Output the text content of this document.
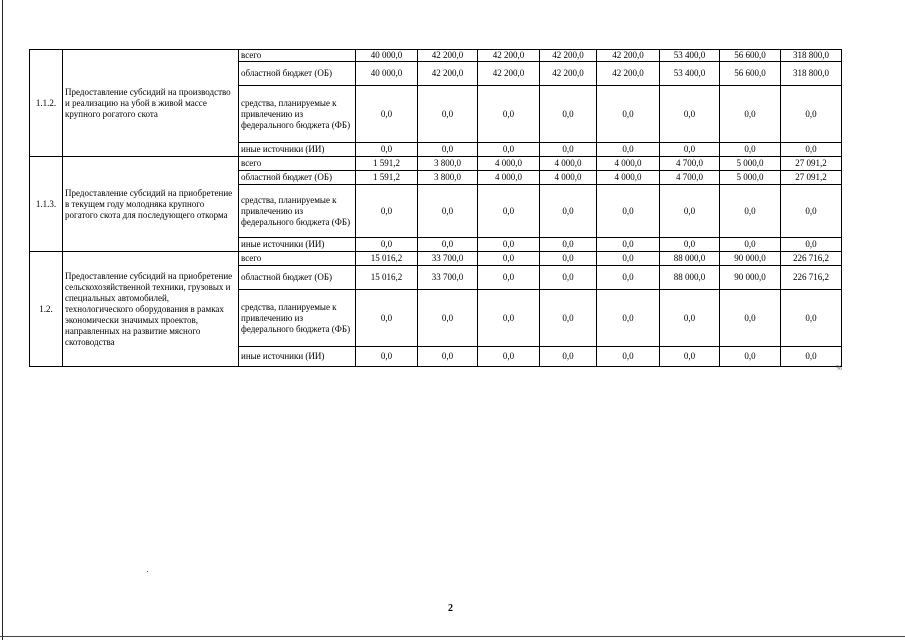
1.1.2.	Предоставление субсидий на производство и реализацию на убой в живой массе крупного рогатого скота	всего	40 000,0	42 200,0	42 200,0	42 200,0	42 200,0	53 400,0	56 600,0	318 800,0
		областной бюджет (ОБ)	40 000,0	42 200,0	42 200,0	42 200,0	42 200,0	53 400,0	56 600,0	318 800,0
		средства, планируемые к привлечению из федерального бюджета (ФБ)	0,0	0,0	0,0	0,0	0,0	0,0	0,0	0,0
		иные источники (ИИ)	0,0	0,0	0,0	0,0	0,0	0,0	0,0	0,0
1.1.3.	Предоставление субсидий на приобретение в текущем году молодняка крупного рогатого скота для последующего откорма	всего	1 591,2	3 800,0	4 000,0	4 000,0	4 000,0	4 700,0	5 000,0	27 091,2
		областной бюджет (ОБ)	1 591,2	3 800,0	4 000,0	4 000,0	4 000,0	4 700,0	5 000,0	27 091,2
		средства, планируемые к привлечению из федерального бюджета (ФБ)	0,0	0,0	0,0	0,0	0,0	0,0	0,0	0,0
		иные источники (ИИ)	0,0	0,0	0,0	0,0	0,0	0,0	0,0	0,0
1.2.	Предоставление субсидий на приобретение сельскохозяйственной техники, грузовых и специальных автомобилей, технологического оборудования в рамках экономически значимых проектов, направленных на развитие мясного скотоводства	всего	15 016,2	33 700,0	0,0	0,0	0,0	88 000,0	90 000,0	226 716,2
		областной бюджет (ОБ)	15 016,2	33 700,0	0,0	0,0	0,0	88 000,0	90 000,0	226 716,2
		средства, планируемые к привлечению из федерального бюджета (ФБ)	0,0	0,0	0,0	0,0	0,0	0,0	0,0	0,0
		иные источники (ИИ)	0,0	0,0	0,0	0,0	0,0	0,0	0,0	0,0
%
2
